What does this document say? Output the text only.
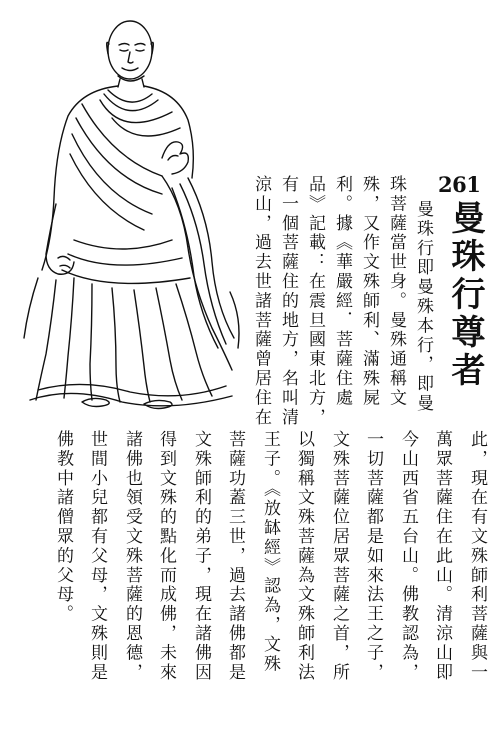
261
曼珠行尊者
曼珠行即曼殊本行，即曼
珠菩薩當世身。曼殊通稱文
殊，又作文殊師利、滿殊屍
利。據《華嚴經．菩薩住處
品》記載：在震旦國東北方，
有一個菩薩住的地方，名叫清
涼山，過去世諸菩薩曾居住在
此，現在有文殊師利菩薩與一
萬眾菩薩住在此山。清涼山即
今山西省五台山。佛教認為，
一切菩薩都是如來法王之子，
文殊菩薩位居眾菩薩之首，所
以獨稱文殊菩薩為文殊師利法
王子。《放缽經》認為，文殊
菩薩功蓋三世，過去諸佛都是
文殊師利的弟子，現在諸佛因
得到文殊的點化而成佛，未來
諸佛也領受文殊菩薩的恩德，
世間小兒都有父母，文殊則是
佛教中諸僧眾的父母。
